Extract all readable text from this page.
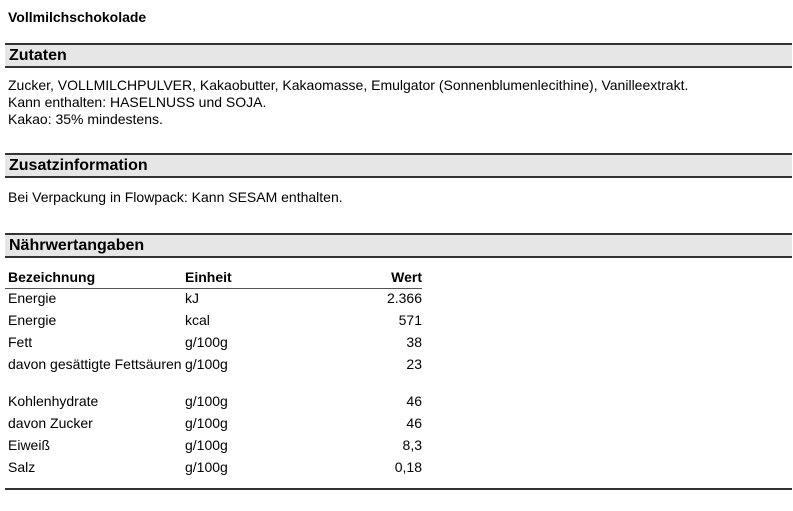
Vollmilchschokolade
Zutaten
Zucker, VOLLMILCHPULVER, Kakaobutter, Kakaomasse, Emulgator (Sonnenblumenlecithine), Vanilleextrakt.
Kann enthalten: HASELNUSS und SOJA.
Kakao: 35% mindestens.
Zusatzinformation
Bei Verpackung in Flowpack: Kann SESAM enthalten.
Nährwertangaben
Bezeichnung	Einheit	Wert	
Energie	kJ	2.366	
Energie	kcal	571	
Fett	g/100g	38	
davon gesättigte Fettsäuren	g/100g	23	
Kohlenhydrate	g/100g	46	
davon Zucker	g/100g	46	
Eiweiß	g/100g	8,3	
Salz	g/100g	0,18	
